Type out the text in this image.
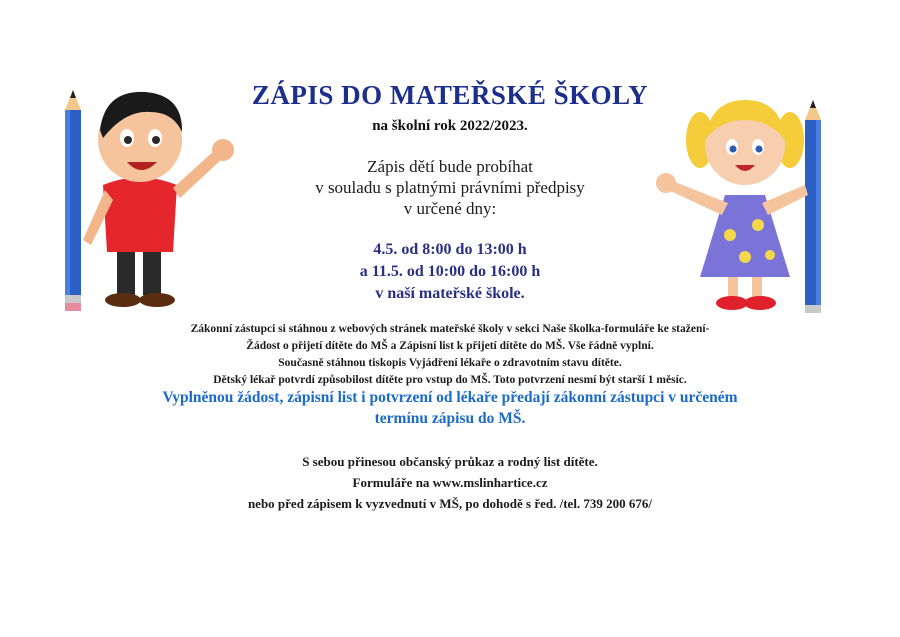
ZÁPIS DO MATEŘSKÉ ŠKOLY
na školní rok 2022/2023.
Zápis dětí bude probíhat
v souladu s platnými právními předpisy
v určené dny:
4.5. od 8:00 do 13:00 h
a 11.5. od 10:00 do 16:00 h
v naší mateřské škole.
Zákonní zástupci si stáhnou z webových stránek mateřské školy v sekci Naše školka-formuláře ke stažení-
Žádost o přijetí dítěte do MŠ a Zápisní list k přijetí dítěte do MŠ. Vše řádně vyplní.
Současně stáhnou tiskopis Vyjádření lékaře o zdravotním stavu dítěte.
Dětský lékař potvrdí způsobilost dítěte pro vstup do MŠ. Toto potvrzení nesmí být starší 1 měsíc.
Vyplněnou žádost, zápisní list i potvrzení od lékaře předají zákonní zástupci v určeném
termínu zápisu do MŠ.
S sebou přinesou občanský průkaz a rodný list dítěte.
Formuláře na www.mslinhartice.cz
nebo před zápisem k vyzvednutí v MŠ, po dohodě s řed. /tel. 739 200 676/
